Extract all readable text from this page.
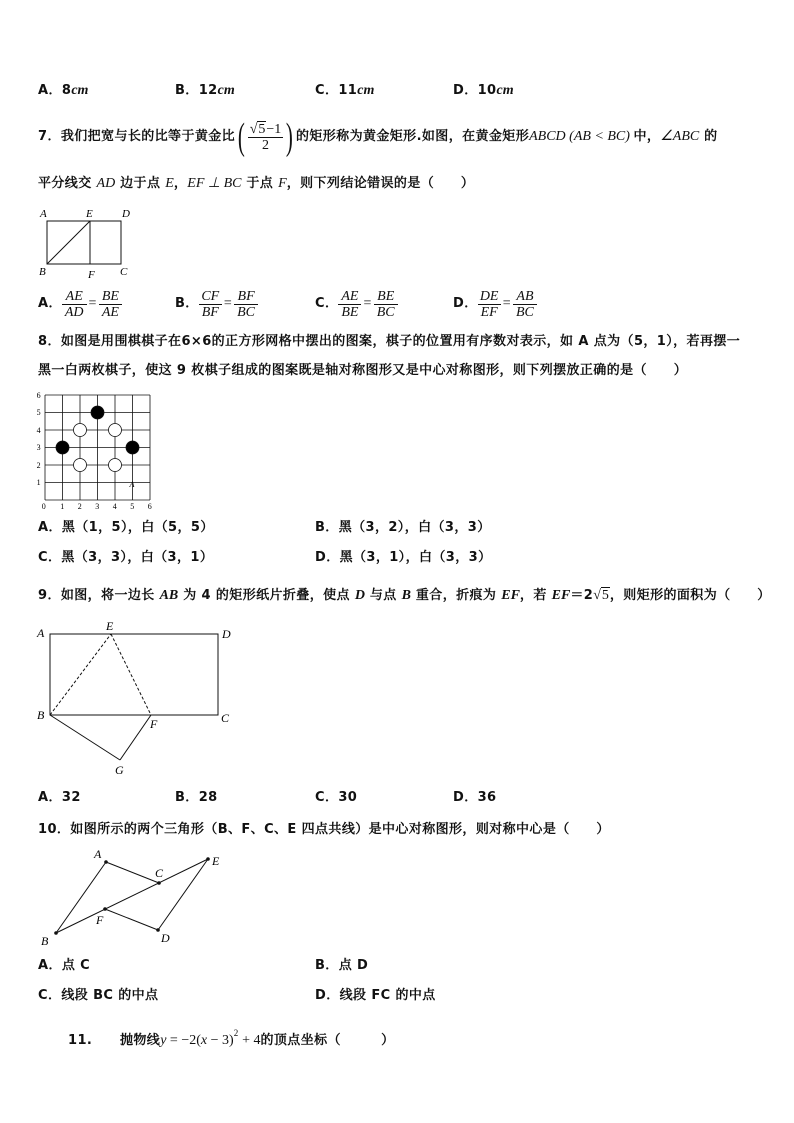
A．8cm	B．12cm	C．11cm	D．10cm
7．我们把宽与长的比等于黄金比( $\frac{√5-1}{2}$ ) 的矩形称为黄金矩形.如图，在黄金矩形ABCD (AB < BC) 中，∠ABC 的
平分线交 AD 边于点 E，EF ⊥ BC 于点 F，则下列结论错误的是（　　）
A	E	D
B	F C
A． $\frac{AE}{AD} = \frac{BE}{AE}$	B． $\frac{CF}{BF} = \frac{BF}{BC}$	C． $\frac{AE}{BE} = \frac{BE}{BC}$	D． $\frac{DE}{EF} = \frac{AB}{BC}$
8．如图是用围棋棋子在6×6的正方形网格中摆出的图案，棋子的位置用有序数对表示，如 A 点为（5，1），若再摆一
黑一白两枚棋子，使这 9 枚棋子组成的图案既是轴对称图形又是中心对称图形，则下列摆放正确的是（　　）
1
2
3
4
5
6
0 1 2 3 4 5 6
A
A．黑（1，5），白（5，5）	B．黑（3，2），白（3，3）
C．黑（3，3），白（3，1）	D．黑（3，1），白（3，3）
9．如图，将一边长 AB 为 4 的矩形纸片折叠，使点 D 与点 B 重合，折痕为 EF，若 EF＝2√5，则矩形的面积为（　　）
A	E
D
B
F	C
G
A．32	B．28	C．30	D．36
10．如图所示的两个三角形（B、F、C、E 四点共线）是中心对称图形，则对称中心是（　　）
A	E
C
F
D
B
A．点 C	B．点 D
C．线段 BC 的中点	D．线段 FC 的中点
11. 抛物线$y = -2(x - 3)^2 + 4$的顶点坐标（　　　）
